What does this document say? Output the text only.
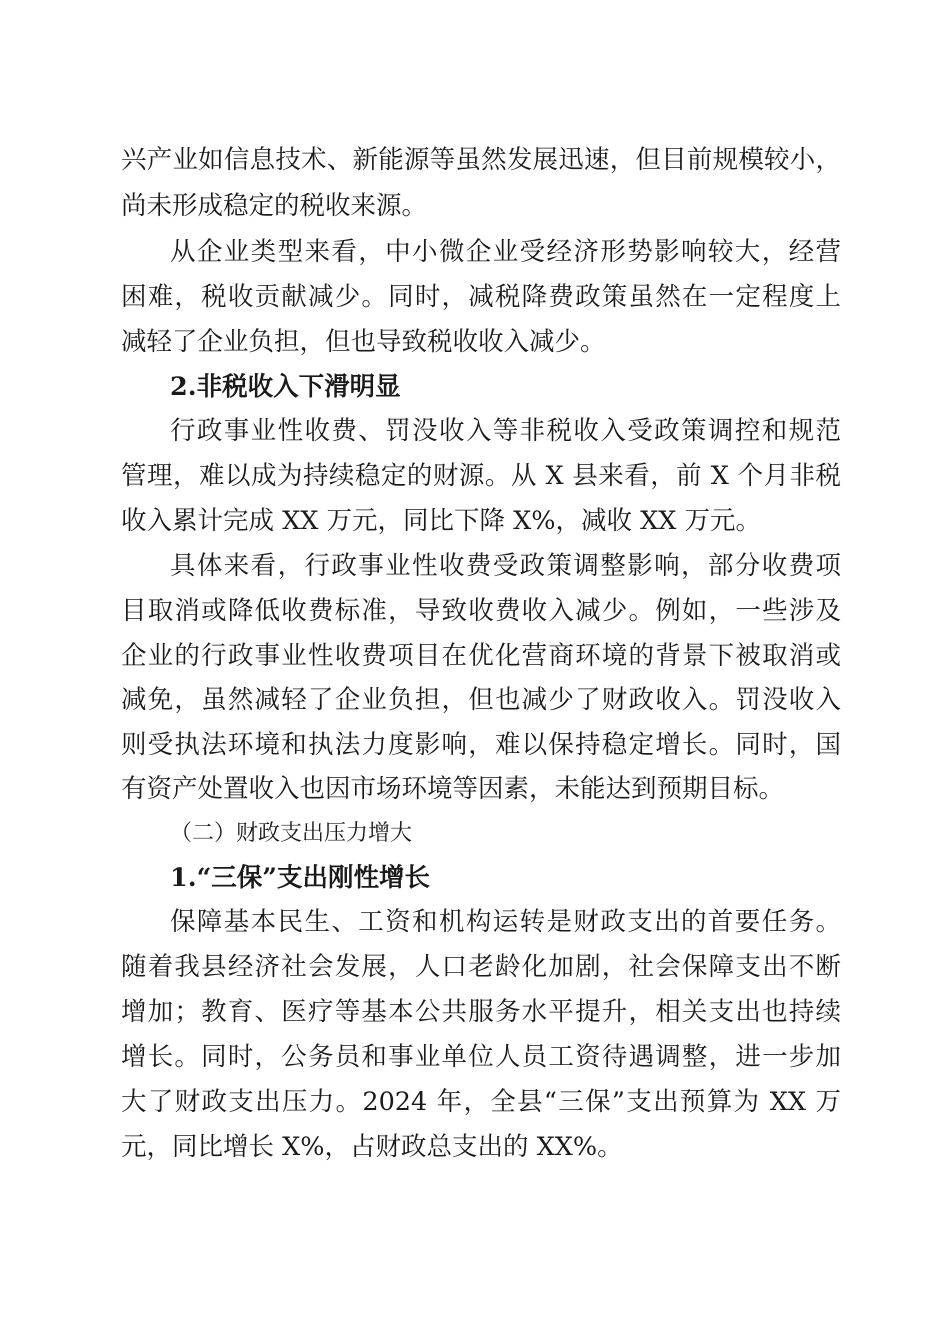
兴产业如信息技术、新能源等虽然发展迅速，但目前规模较小，
尚未形成稳定的税收来源。
从企业类型来看，中小微企业受经济形势影响较大，经营
困难，税收贡献减少。同时，减税降费政策虽然在一定程度上
减轻了企业负担，但也导致税收收入减少。
2.非税收入下滑明显
行政事业性收费、罚没收入等非税收入受政策调控和规范
管理，难以成为持续稳定的财源。从 X 县来看，前 X 个月非税
收入累计完成 XX 万元，同比下降 X%，减收 XX 万元。
具体来看，行政事业性收费受政策调整影响，部分收费项
目取消或降低收费标准，导致收费收入减少。例如，一些涉及
企业的行政事业性收费项目在优化营商环境的背景下被取消或
减免，虽然减轻了企业负担，但也减少了财政收入。罚没收入
则受执法环境和执法力度影响，难以保持稳定增长。同时，国
有资产处置收入也因市场环境等因素，未能达到预期目标。
（二）财政支出压力增大
1.“三保”支出刚性增长
保障基本民生、工资和机构运转是财政支出的首要任务。
随着我县经济社会发展，人口老龄化加剧，社会保障支出不断
增加；教育、医疗等基本公共服务水平提升，相关支出也持续
增长。同时，公务员和事业单位人员工资待遇调整，进一步加
大了财政支出压力。2024 年，全县“三保”支出预算为 XX 万
元，同比增长 X%，占财政总支出的 XX%。
